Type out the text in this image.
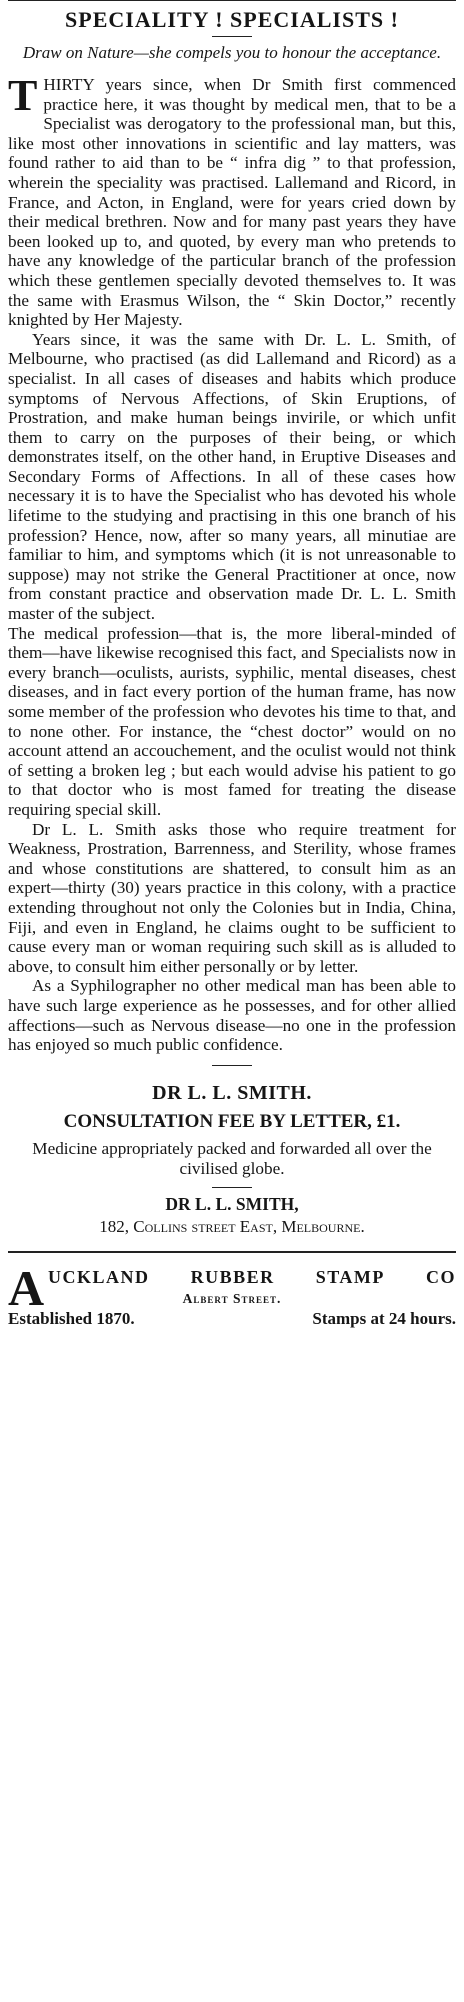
SPECIALITY ! SPECIALISTS !
Draw on Nature—she compels you to honour the acceptance.

T HIRTY years since, when Dr Smith first commenced practice here, it was thought by medical men, that to be a Specialist was derogatory to the professional man, but this, like most other innovations in scientific and lay matters, was found rather to aid than to be “ infra dig ” to that profession, wherein the speciality was practised. Lallemand and Ricord, in France, and Acton, in England, were for years cried down by their medical brethren. Now and for many past years they have been looked up to, and quoted, by every man who pretends to have any knowledge of the particular branch of the profession which these gentlemen specially devoted themselves to. It was the same with Erasmus Wilson, the “ Skin Doctor,” recently knighted by Her Majesty.

Years since, it was the same with Dr. L. L. Smith, of Melbourne, who practised (as did Lallemand and Ricord) as a specialist. In all cases of diseases and habits which produce symptoms of Nervous Affections, of Skin Eruptions, of Prostration, and make human beings invirile, or which unfit them to carry on the purposes of their being, or which demonstrates itself, on the other hand, in Eruptive Diseases and Secondary Forms of Affections. In all of these cases how necessary it is to have the Specialist who has devoted his whole lifetime to the studying and practising in this one branch of his profession? Hence, now, after so many years, all minutiae are familiar to him, and symptoms which (it is not unreasonable to suppose) may not strike the General Practitioner at once, now from constant practice and observation made Dr. L. L. Smith master of the subject.

The medical profession—that is, the more liberal-minded of them—have likewise recognised this fact, and Specialists now in every branch—oculists, aurists, syphilic, mental diseases, chest diseases, and in fact every portion of the human frame, has now some member of the profession who devotes his time to that, and to none other. For instance, the “chest doctor” would on no account attend an accouchement, and the oculist would not think of setting a broken leg ; but each would advise his patient to go to that doctor who is most famed for treating the disease requiring special skill.

Dr L. L. Smith asks those who require treatment for Weakness, Prostration, Barrenness, and Sterility, whose frames and whose constitutions are shattered, to consult him as an expert—thirty (30) years practice in this colony, with a practice extending throughout not only the Colonies but in India, China, Fiji, and even in England, he claims ought to be sufficient to cause every man or woman requiring such skill as is alluded to above, to consult him either personally or by letter.

As a Syphilographer no other medical man has been able to have such large experience as he possesses, and for other allied affections—such as Nervous disease—no one in the profession has enjoyed so much public confidence.

DR L. L. SMITH.
CONSULTATION FEE BY LETTER, £1.
Medicine appropriately packed and forwarded all over the civilised globe.
DR L. L. SMITH,
182, Collins street East, Melbourne.
A UCKLAND RUBBER STAMP CO
Albert Street.
Established 1870.	Stamps at 24 hours.
